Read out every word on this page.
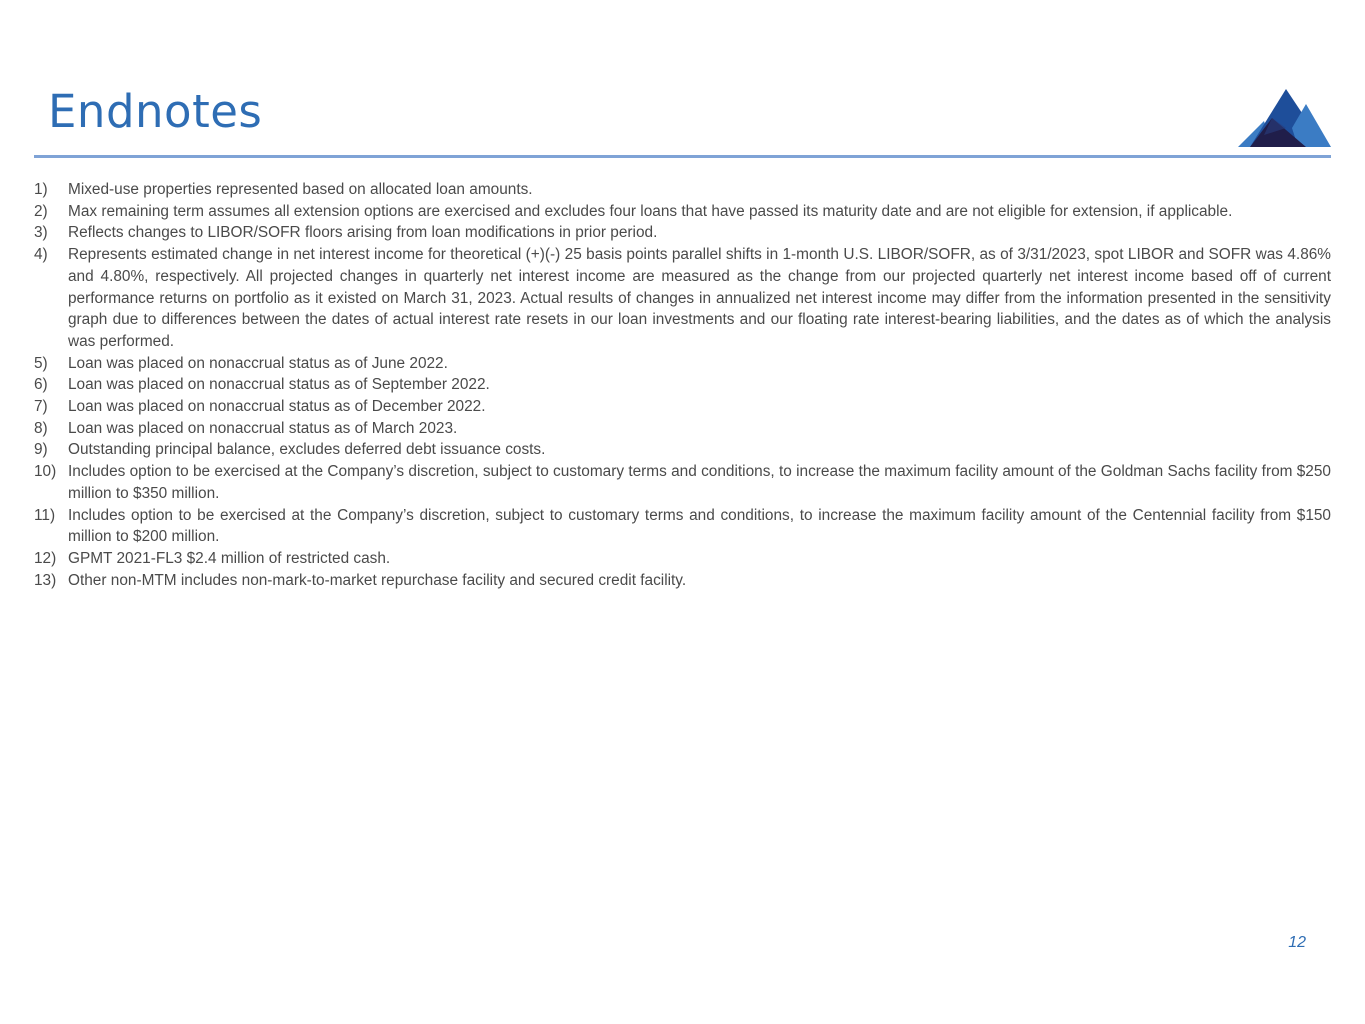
Endnotes
1)	Mixed-use properties represented based on allocated loan amounts.
2)	Max remaining term assumes all extension options are exercised and excludes four loans that have passed its maturity date and are not eligible for extension, if applicable.
3)	Reflects changes to LIBOR/SOFR floors arising from loan modifications in prior period.
4)	Represents estimated change in net interest income for theoretical (+)(-) 25 basis points parallel shifts in 1-month U.S. LIBOR/SOFR, as of 3/31/2023, spot LIBOR and SOFR was 4.86% and 4.80%, respectively. All projected changes in quarterly net interest income are measured as the change from our projected quarterly net interest income based off of current performance returns on portfolio as it existed on March 31, 2023. Actual results of changes in annualized net interest income may differ from the information presented in the sensitivity graph due to differences between the dates of actual interest rate resets in our loan investments and our floating rate interest-bearing liabilities, and the dates as of which the analysis was performed.
5)	Loan was placed on nonaccrual status as of June 2022.
6)	Loan was placed on nonaccrual status as of September 2022.
7)	Loan was placed on nonaccrual status as of December 2022.
8)	Loan was placed on nonaccrual status as of March 2023.
9)	Outstanding principal balance, excludes deferred debt issuance costs.
10) Includes option to be exercised at the Company’s discretion, subject to customary terms and conditions, to increase the maximum facility amount of the Goldman Sachs facility from $250 million to $350 million.
11) Includes option to be exercised at the Company’s discretion, subject to customary terms and conditions, to increase the maximum facility amount of the Centennial facility from $150 million to $200 million.
12) GPMT 2021-FL3 $2.4 million of restricted cash.
13) Other non-MTM includes non-mark-to-market repurchase facility and secured credit facility.
12
